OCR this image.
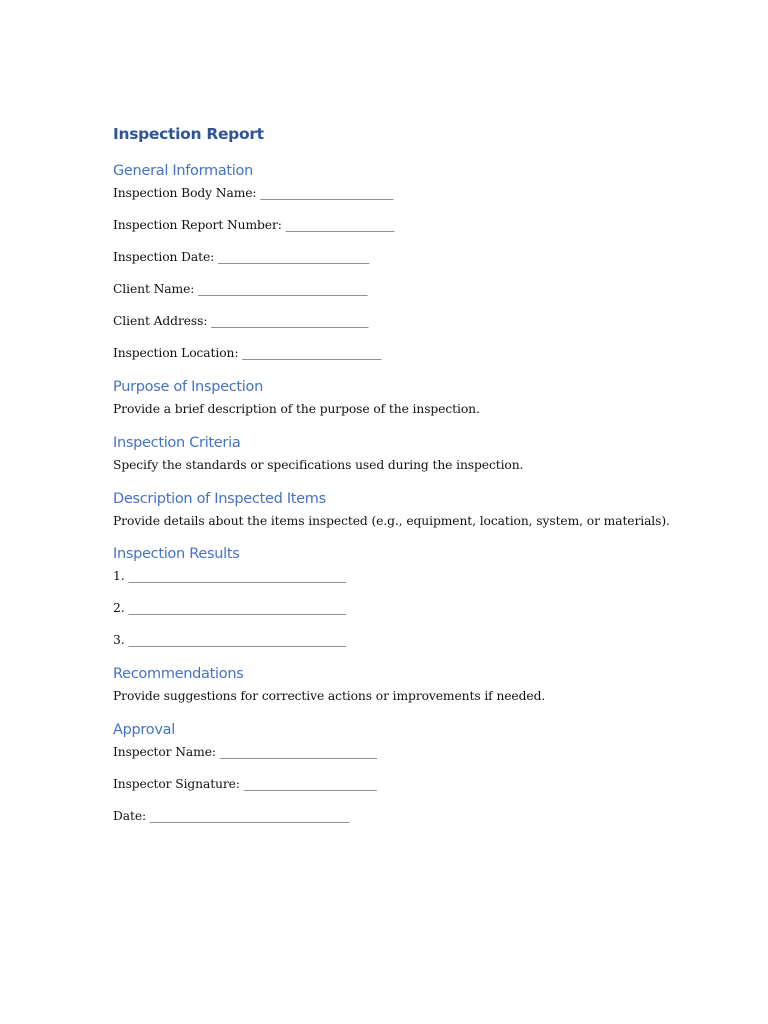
Inspection Report
General Information

Inspection Body Name: ______________________

Inspection Report Number: __________________

Inspection Date: _________________________

Client Name: ____________________________

Client Address: __________________________

Inspection Location: _______________________

Purpose of Inspection

Provide a brief description of the purpose of the inspection.

Inspection Criteria

Specify the standards or specifications used during the inspection.

Description of Inspected Items

Provide details about the items inspected (e.g., equipment, location, system, or materials).

Inspection Results

1. ____________________________________

2. ____________________________________

3. ____________________________________

Recommendations

Provide suggestions for corrective actions or improvements if needed.

Approval

Inspector Name: __________________________

Inspector Signature: ______________________

Date: _________________________________
